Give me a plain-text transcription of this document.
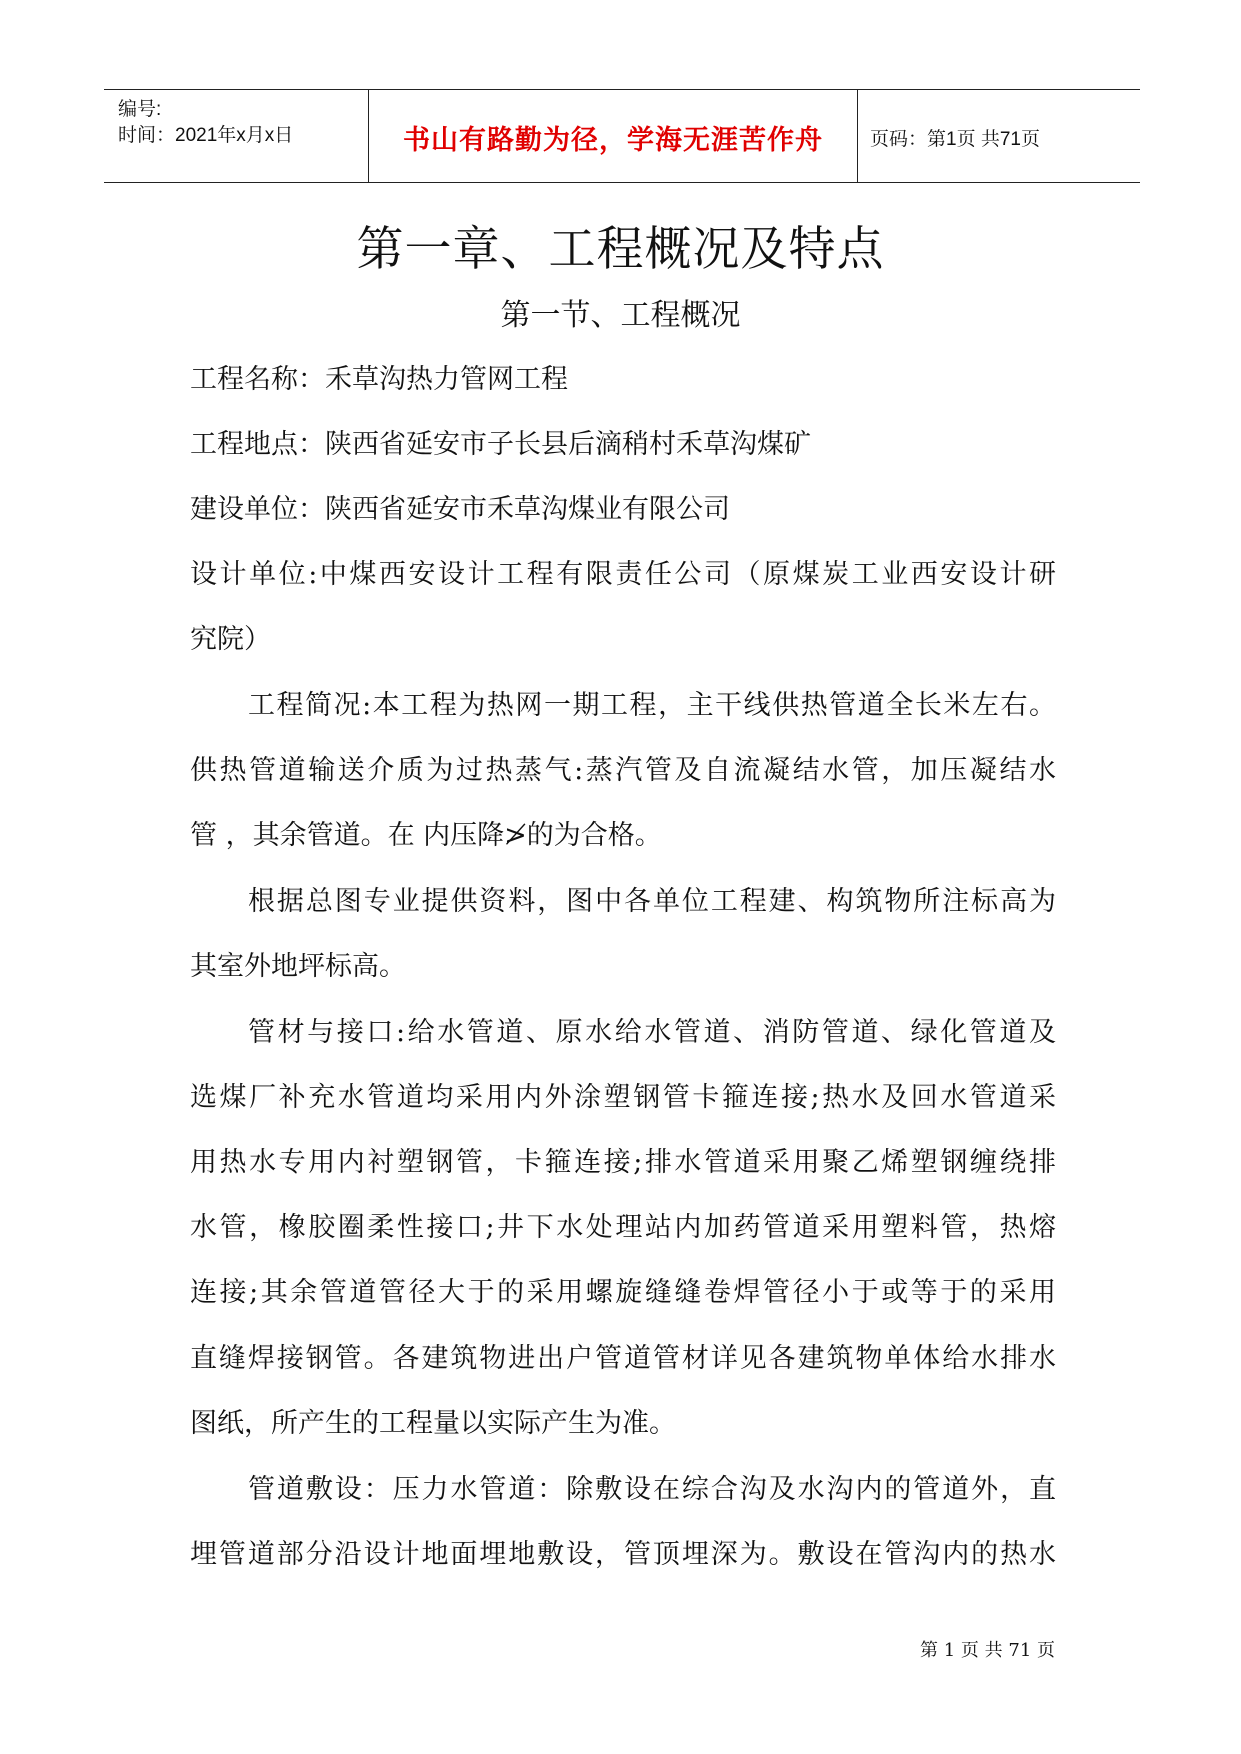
编号:
时间：2021年x月x日	书山有路勤为径，学海无涯苦作舟	页码：第1页 共71页
第一章、工程概况及特点
第一节、工程概况
工程名称：禾草沟热力管网工程
工程地点：陕西省延安市子长县后滴稍村禾草沟煤矿
建设单位：陕西省延安市禾草沟煤业有限公司
设计单位:中煤西安设计工程有限责任公司（原煤炭工业西安设计研
究院）
工程简况:本工程为热网一期工程，主干线供热管道全长米左右。
供热管道输送介质为过热蒸气:蒸汽管及自流凝结水管，加压凝结水
管 ，其余管道。在 内压降≯的为合格。
根据总图专业提供资料，图中各单位工程建、构筑物所注标高为
其室外地坪标高。
管材与接口:给水管道、原水给水管道、消防管道、绿化管道及
选煤厂补充水管道均采用内外涂塑钢管卡箍连接;热水及回水管道采
用热水专用内衬塑钢管，卡箍连接;排水管道采用聚乙烯塑钢缠绕排
水管，橡胶圈柔性接口;井下水处理站内加药管道采用塑料管，热熔
连接;其余管道管径大于的采用螺旋缝缝卷焊管径小于或等于的采用
直缝焊接钢管。各建筑物进出户管道管材详见各建筑物单体给水排水
图纸，所产生的工程量以实际产生为准。
管道敷设：压力水管道：除敷设在综合沟及水沟内的管道外，直
埋管道部分沿设计地面埋地敷设，管顶埋深为。敷设在管沟内的热水
第 1 页 共 71 页
